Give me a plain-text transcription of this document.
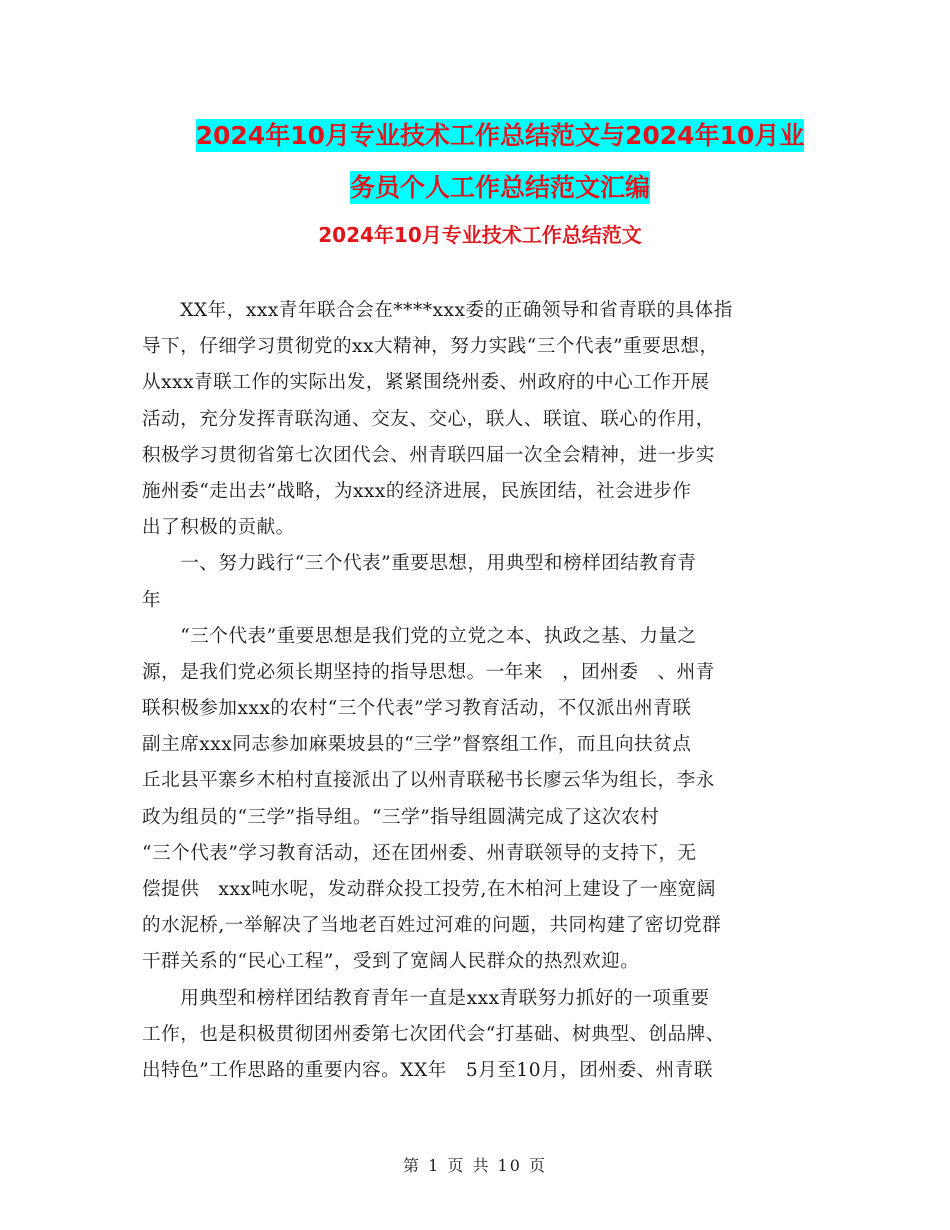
2024年10月专业技术工作总结范文与2024年10月业
务员个人工作总结范文汇编
2024年10月专业技术工作总结范文
　　XX年，xxx青年联合会在****xxx委的正确领导和省青联的具体指
导下，仔细学习贯彻党的xx大精神，努力实践“三个代表”重要思想，
从xxx青联工作的实际出发，紧紧围绕州委、州政府的中心工作开展
活动，充分发挥青联沟通、交友、交心，联人、联谊、联心的作用，
积极学习贯彻省第七次团代会、州青联四届一次全会精神，进一步实
施州委“走出去”战略，为xxx的经济进展，民族团结，社会进步作
出了积极的贡献。
　　一、努力践行“三个代表”重要思想，用典型和榜样团结教育青
年
　　“三个代表”重要思想是我们党的立党之本、执政之基、力量之
源，是我们党必须长期坚持的指导思想。一年来　，团州委　、州青
联积极参加xxx的农村“三个代表”学习教育活动，不仅派出州青联
副主席xxx同志参加麻栗坡县的“三学”督察组工作，而且向扶贫点
丘北县平寨乡木柏村直接派出了以州青联秘书长廖云华为组长，李永
政为组员的“三学”指导组。“三学”指导组圆满完成了这次农村
“三个代表”学习教育活动，还在团州委、州青联领导的支持下，无
偿提供　xxx吨水呢，发动群众投工投劳,在木柏河上建设了一座宽阔
的水泥桥,一举解决了当地老百姓过河难的问题，共同构建了密切党群
干群关系的“民心工程”，受到了宽阔人民群众的热烈欢迎。
　　用典型和榜样团结教育青年一直是xxx青联努力抓好的一项重要
工作，也是积极贯彻团州委第七次团代会“打基础、树典型、创品牌、
出特色”工作思路的重要内容。XX年　5月至10月，团州委、州青联
第 1 页 共 10 页
